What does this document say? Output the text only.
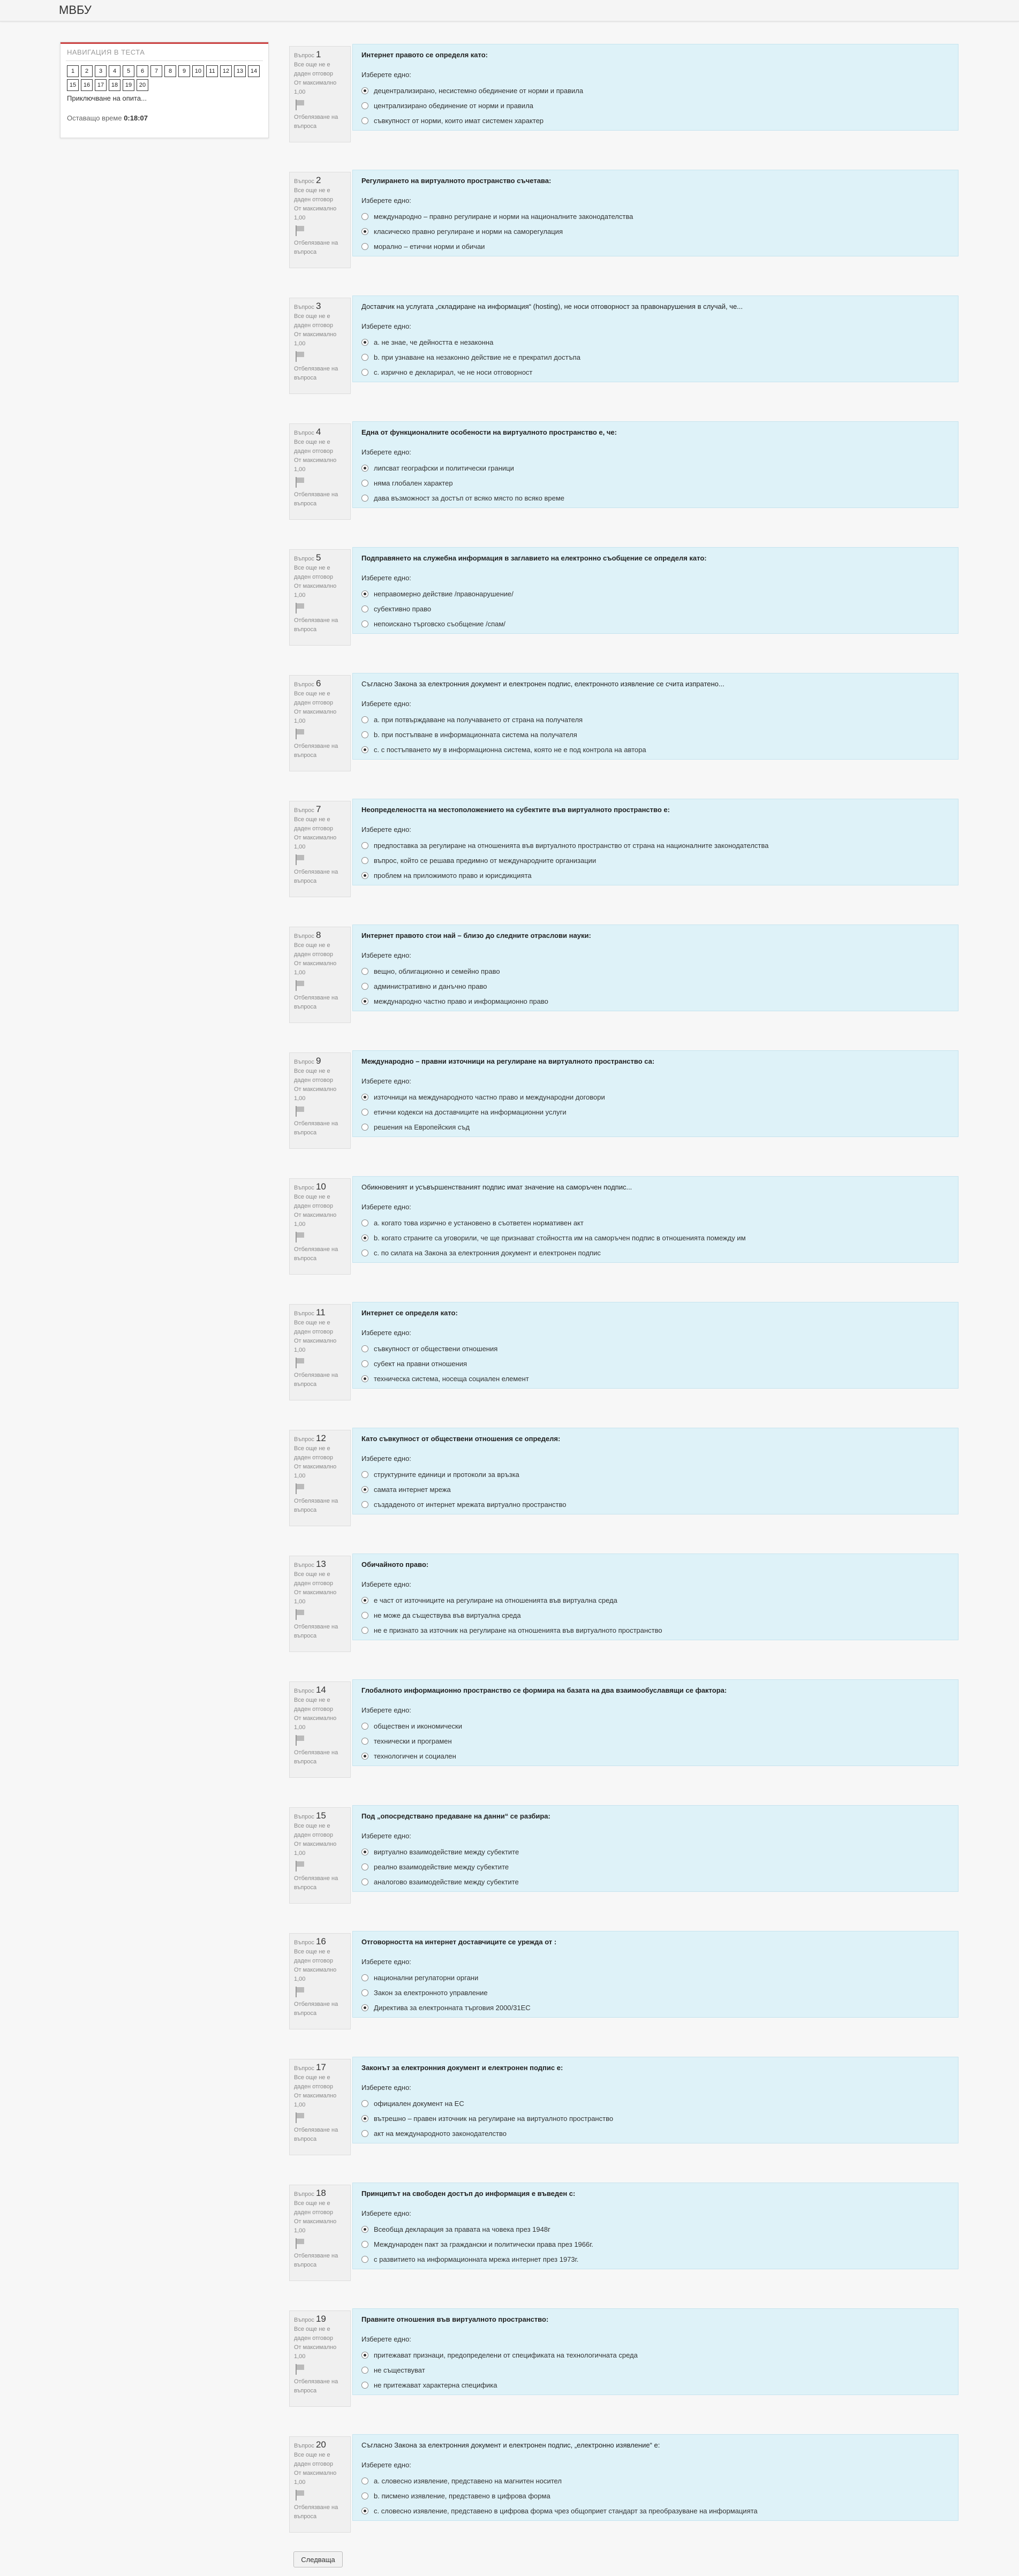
МВБУ
НАВИГАЦИЯ В ТЕСТА
1	2	3	4	5	6	7	8	9	10	11	12	13	14
15	16	17	18	19	20
Приключване на опита...
Оставащо време 0:18:07
Въпрос 1
Все още не е даден отговор
От максимално 1,00
Отбелязване на въпроса
Интернет правото се определя като:
Изберете едно:
децентрализирано, несистемно обединение от норми и правила
централизирано обединение от норми и правила
съвкупност от норми, които имат системен характер
Въпрос 2
Все още не е даден отговор
От максимално 1,00
Отбелязване на въпроса
Регулирането на виртуалното пространство съчетава:
Изберете едно:
международно – правно регулиране и норми на националните законодателства
класическо правно регулиране и норми на саморегулация
морално – етични норми и обичаи
Въпрос 3
Все още не е даден отговор
От максимално 1,00
Отбелязване на въпроса
Доставчик на услугата „складиране на информация“ (hosting), не носи отговорност за правонарушения в случай, че...
Изберете едно:
a. не знае, че дейността е незаконна
b. при узнаване на незаконно действие не е прекратил достъпа
c. изрично е декларирал, че не носи отговорност
Въпрос 4
Все още не е даден отговор
От максимално 1,00
Отбелязване на въпроса
Една от функционалните особености на виртуалното пространство е, че:
Изберете едно:
липсват географски и политически граници
няма глобален характер
дава възможност за достъп от всяко място по всяко време
Въпрос 5
Все още не е даден отговор
От максимално 1,00
Отбелязване на въпроса
Подправянето на служебна информация в заглавието на електронно съобщение се определя като:
Изберете едно:
неправомерно действие /правонарушение/
субективно право
непоискано търговско съобщение /спам/
Въпрос 6
Все още не е даден отговор
От максимално 1,00
Отбелязване на въпроса
Съгласно Закона за електронния документ и електронен подпис, електронното изявление се счита изпратено...
Изберете едно:
a. при потвърждаване на получаването от страна на получателя
b. при постъпване в информационната система на получателя
c. с постъпването му в информационна система, която не е под контрола на автора
Въпрос 7
Все още не е даден отговор
От максимално 1,00
Отбелязване на въпроса
Неопределеността на местоположението на субектите във виртуалното пространство е:
Изберете едно:
предпоставка за регулиране на отношенията във виртуалното пространство от страна на националните законодателства
въпрос, който се решава предимно от международните организации
проблем на приложимото право и юрисдикцията
Въпрос 8
Все още не е даден отговор
От максимално 1,00
Отбелязване на въпроса
Интернет правото стои най – близо до следните отраслови науки:
Изберете едно:
вещно, облигационно и семейно право
административно и данъчно право
международно частно право и информационно право
Въпрос 9
Все още не е даден отговор
От максимално 1,00
Отбелязване на въпроса
Международно – правни източници на регулиране на виртуалното пространство са:
Изберете едно:
източници на международното частно право и международни договори
етични кодекси на доставчиците на информационни услуги
решения на Европейския съд
Въпрос 10
Все още не е даден отговор
От максимално 1,00
Отбелязване на въпроса
Обикновеният и усъвършенстваният подпис имат значение на саморъчен подпис...
Изберете едно:
a. когато това изрично е установено в съответен нормативен акт
b. когато страните са уговорили, че ще признават стойността им на саморъчен подпис в отношенията помежду им
c. по силата на Закона за електронния документ и електронен подпис
Въпрос 11
Все още не е даден отговор
От максимално 1,00
Отбелязване на въпроса
Интернет се определя като:
Изберете едно:
съвкупност от обществени отношения
субект на правни отношения
техническа система, носеща социален елемент
Въпрос 12
Все още не е даден отговор
От максимално 1,00
Отбелязване на въпроса
Като съвкупност от обществени отношения се определя:
Изберете едно:
структурните единици и протоколи за връзка
самата интернет мрежа
създаденото от интернет мрежата виртуално пространство
Въпрос 13
Все още не е даден отговор
От максимално 1,00
Отбелязване на въпроса
Обичайното право:
Изберете едно:
е част от източниците на регулиране на отношенията във виртуална среда
не може да съществува във виртуална среда
не е признато за източник на регулиране на отношенията във виртуалното пространство
Въпрос 14
Все още не е даден отговор
От максимално 1,00
Отбелязване на въпроса
Глобалното информационно пространство се формира на базата на два взаимообуславящи се фактора:
Изберете едно:
обществен и икономически
технически и програмен
технологичен и социален
Въпрос 15
Все още не е даден отговор
От максимално 1,00
Отбелязване на въпроса
Под „опосредствано предаване на данни“ се разбира:
Изберете едно:
виртуално взаимодействие между субектите
реално взаимодействие между субектите
аналогово взаимодействие между субектите
Въпрос 16
Все още не е даден отговор
От максимално 1,00
Отбелязване на въпроса
Отговорността на интернет доставчиците се урежда от :
Изберете едно:
национални регулаторни органи
Закон за електронното управление
Директива за електронната търговия 2000/31ЕС
Въпрос 17
Все още не е даден отговор
От максимално 1,00
Отбелязване на въпроса
Законът за електронния документ и електронен подпис е:
Изберете едно:
официален документ на ЕС
вътрешно – правен източник на регулиране на виртуалното пространство
акт на международното законодателство
Въпрос 18
Все още не е даден отговор
От максимално 1,00
Отбелязване на въпроса
Принципът на свободен достъп до информация е въведен с:
Изберете едно:
Всеобща декларация за правата на човека през 1948г
Международен пакт за граждански и политически права през 1966г.
с развитието на информационната мрежа интернет през 1973г.
Въпрос 19
Все още не е даден отговор
От максимално 1,00
Отбелязване на въпроса
Правните отношения във виртуалното пространство:
Изберете едно:
притежават признаци, предопределени от спецификата на технологичната среда
не съществуват
не притежават характерна специфика
Въпрос 20
Все още не е даден отговор
От максимално 1,00
Отбелязване на въпроса
Съгласно Закона за електронния документ и електронен подпис, „електронно изявление“ е:
Изберете едно:
a. словесно изявление, представено на магнитен носител
b. писмено изявление, представено в цифрова форма
c. словесно изявление, представено в цифрова форма чрез общоприет стандарт за преобразуване на информацията
Следваща
